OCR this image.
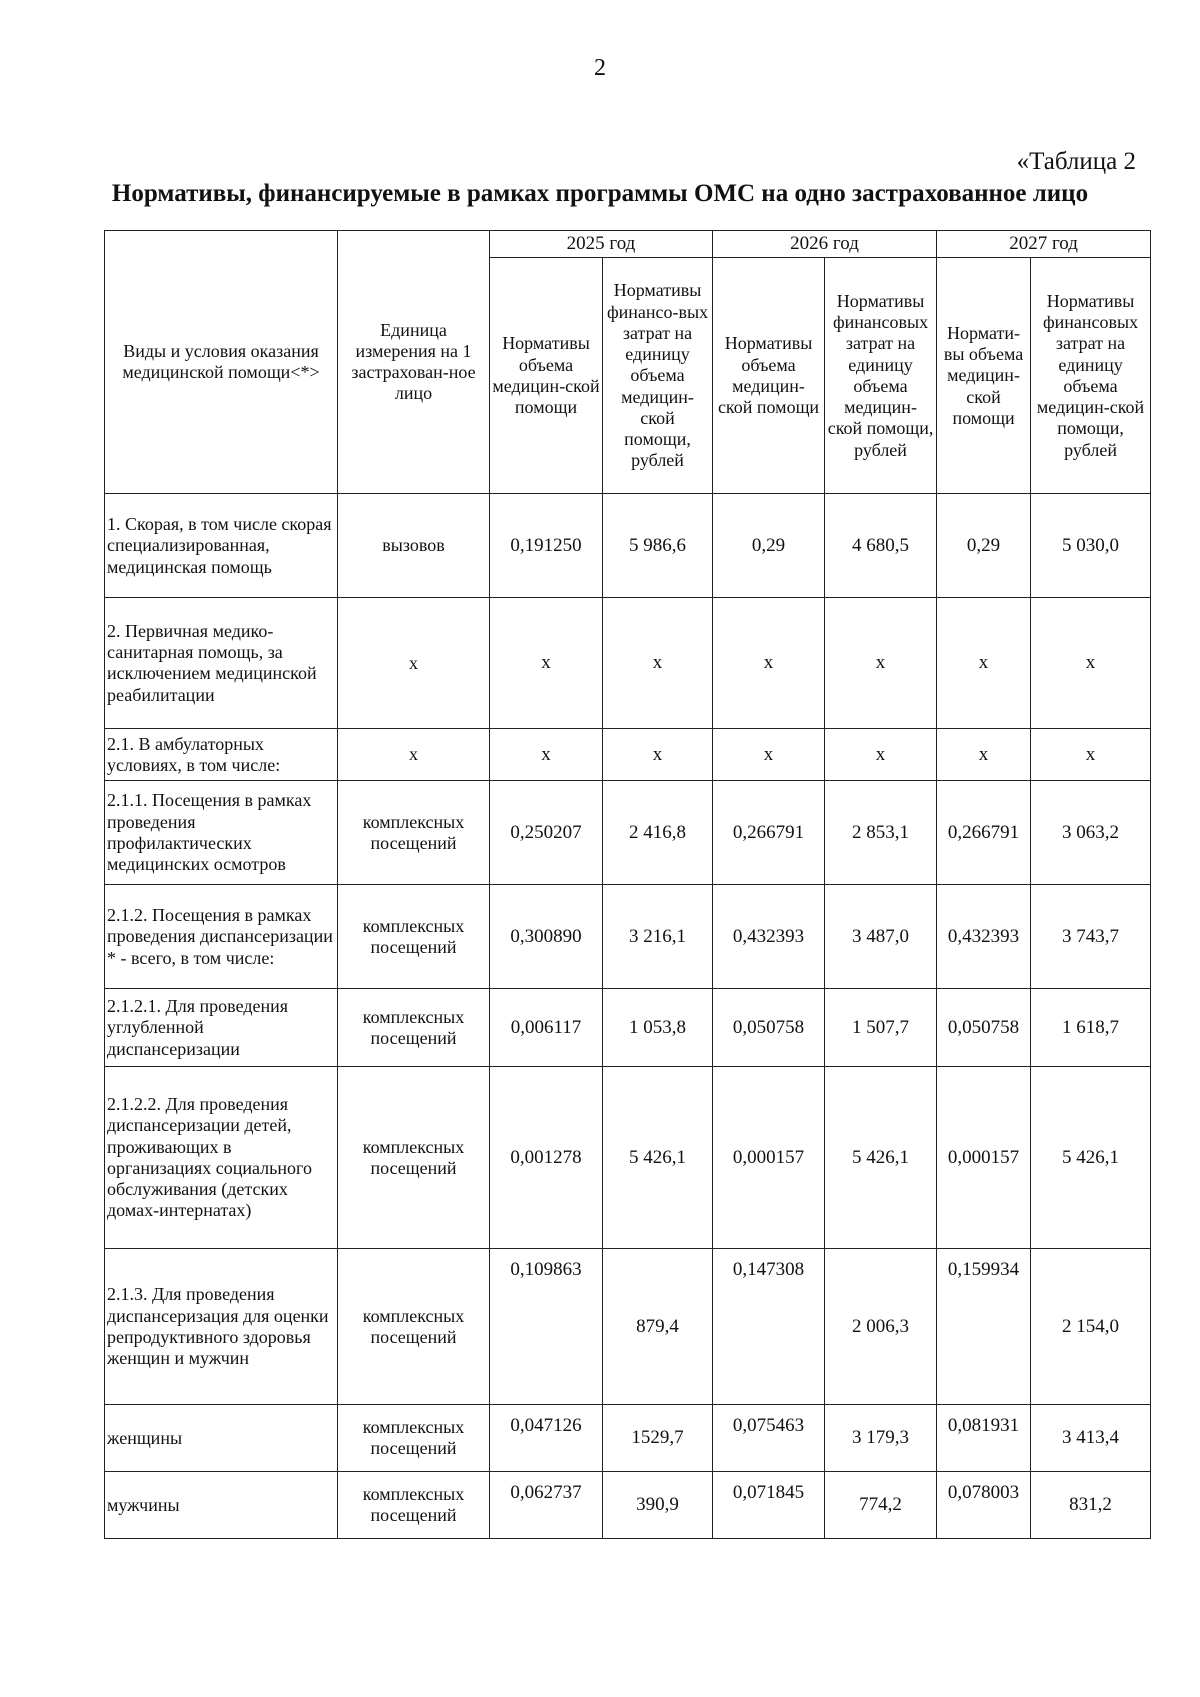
2
«Таблица 2
Нормативы, финансируемые в рамках программы ОМС на одно застрахованное лицо
Виды и условия оказания медицинской помощи<*>	Единица измерения на 1 застрахован-ное лицо	2025 год		2026 год		2027 год	
		Нормативы объема медицин-ской помощи	Нормативы финансо-вых затрат на единицу объема медицин-ской помощи, рублей	Нормативы объема медицин-ской помощи	Нормативы финансовых затрат на единицу объема медицин-ской помощи, рублей	Нормати-вы объема медицин-ской помощи	Нормативы финансовых затрат на единицу объема медицин-ской помощи, рублей
1. Скорая, в том числе скорая специализированная, медицинская помощь	вызовов	0,191250	5 986,6	0,29	4 680,5	0,29	5 030,0
2. Первичная медико-санитарная помощь, за исключением медицинской реабилитации	x	x	x	x	x	x	x
2.1. В амбулаторных условиях, в том числе:	x	x	x	x	x	x	x
2.1.1. Посещения в рамках проведения профилактических медицинских осмотров	комплексных посещений	0,250207	2 416,8	0,266791	2 853,1	0,266791	3 063,2
2.1.2. Посещения в рамках проведения диспансеризации * - всего, в том числе:	комплексных посещений	0,300890	3 216,1	0,432393	3 487,0	0,432393	3 743,7
2.1.2.1. Для проведения углубленной диспансеризации	комплексных посещений	0,006117	1 053,8	0,050758	1 507,7	0,050758	1 618,7
2.1.2.2. Для проведения диспансеризации детей, проживающих в организациях социального обслуживания (детских домах-интернатах)	комплексных посещений	0,001278	5 426,1	0,000157	5 426,1	0,000157	5 426,1
2.1.3. Для проведения диспансеризация для оценки репродуктивного здоровья женщин и мужчин	комплексных посещений	0,109863	879,4	0,147308	2 006,3	0,159934	2 154,0
женщины	комплексных посещений	0,047126	1529,7	0,075463	3 179,3	0,081931	3 413,4
мужчины	комплексных посещений	0,062737	390,9	0,071845	774,2	0,078003	831,2
